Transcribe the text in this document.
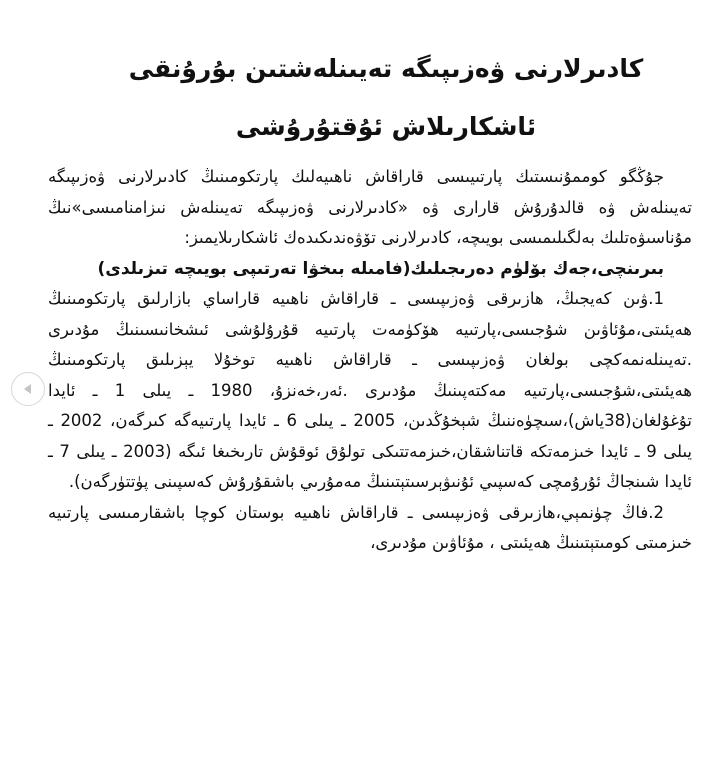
كادىرلارنى ۋەزىپىگە تەيىنلەشتىن بۇرۇنقى
ئاشكارىلاش ئۇقتۇرۇشى

جۇڭگو كوممۇنىستىك پارتىيىسى قاراقاش ناھىيەلىك پارتكومىنىڭ كادىرلارنى ۋەزىپىگە تەيىنلەش ۋە قالدۇرۇش قارارى ۋە «كادىرلارنى ۋەزىپىگە تەيىنلەش نىزامنامىسى»نىڭ مۇناسىۋەتلىك بەلگىلىمىسى بويىچە، كادىرلارنى تۆۋەندىكىدەك ئاشكارىلايمىز:

بىرىنچى،جەك بۆلۈم دەرىجىلىك(فامىلە بىخۋا تەرتىپى بويىچە تىزىلدى)

1.ۋىن كەيجىڭ، ھازىرقى ۋەزىپىسى ـ قاراقاش ناھىيە قاراساي بازارلىق پارتكومىنىڭ ھەيئىتى،مۇئاۋىن شۇجىسى،پارتىيە ھۆكۈمەت پارتىيە قۇرۇلۇشى ئىشخانىسىنىڭ مۇدىرى .تەيىنلەنمەكچى بولغان ۋەزىپىسى ـ قاراقاش ناھىيە توخۇلا يېزىلىق پارتكومىنىڭ ھەيئىتى،شۇجىسى،پارتىيە مەكتەپىنىڭ مۇدىرى .ئەر،خەنزۇ، 1980 ـ يىلى 1 ـ ئايدا تۇغۇلغان(38ياش)،سىچۈەننىڭ شېخۇڭدىن، 2005 ـ يىلى 6 ـ ئايدا پارتىيەگە كىرگەن، 2002 ـ يىلى 9 ـ ئايدا خىزمەتكە قاتناشقان،خىزمەتتىكى تولۇق ئوقۇش تارىخىغا ئىگە (2003 ـ يىلى 7 ـ ئايدا شىنجاڭ ئۇرۇمچى كەسپىي ئۇنىۋېرسىتېتىنىڭ مەمۇرىي باشقۇرۇش كەسپىنى پۈتتۈرگەن).

2.فاڭ چۈنمېي،ھازىرقى ۋەزىپىسى ـ قاراقاش ناھىيە بوستان كوچا باشقارمىسى پارتىيە خىزمىتى كومىتېتىنىڭ ھەيئىتى ، مۇئاۋىن مۇدىرى،
